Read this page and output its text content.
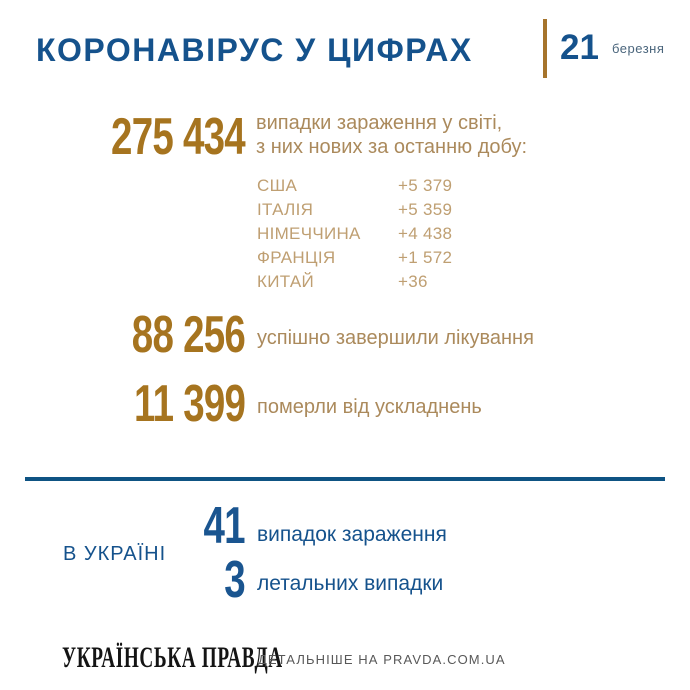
КОРОНАВІРУС У ЦИФРАХ 21 березня
275 434 випадки зараження у світі,
з них нових за останню добу:
США	+5 379
ІТАЛІЯ	+5 359
НІМЕЧЧИНА	+4 438
ФРАНЦІЯ	+1 572
КИТАЙ	+36
88 256 успішно завершили лікування
11 399 померли від ускладнень
В УКРАЇНІ 41 випадок зараження
3 летальних випадки
УКРАЇНСЬКА ПРАВДА
ДЕТАЛЬНІШЕ НА PRAVDA.COM.UA
